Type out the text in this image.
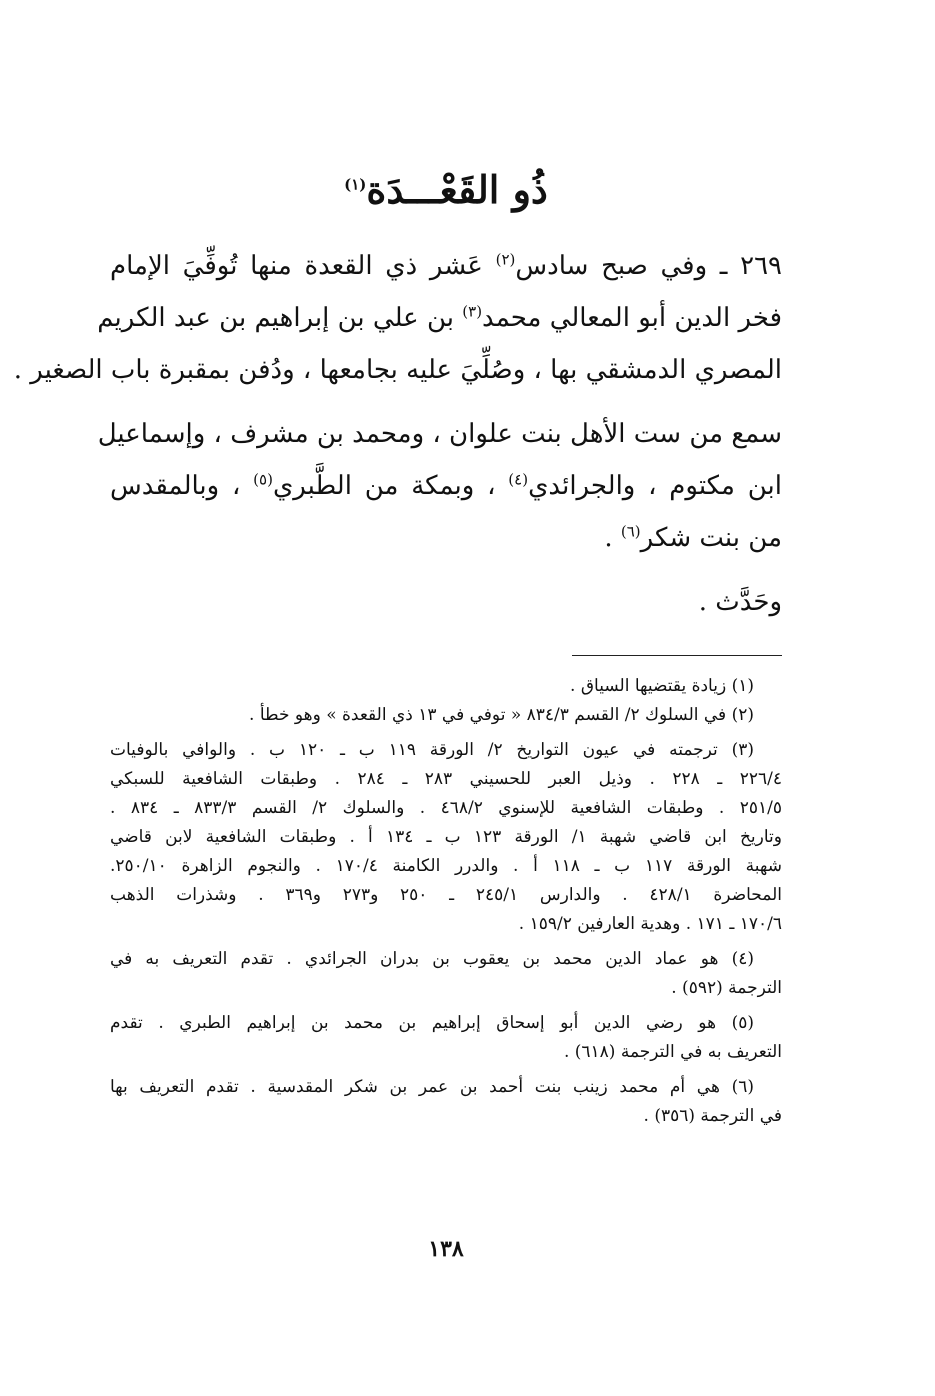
ذُو القَعْـــدَة$^{(١)}$
٢٦٩ ـ وفي صبح سادس$^{(٢)}$ عَشر ذي القعدة منها تُوفِّيَ الإمام
فخر الدين أبو المعالي محمد$^{(٣)}$ بن علي بن إبراهيم بن عبد الكريم
المصري الدمشقي بها ، وصُلِّيَ عليه بجامعها ، ودُفن بمقبرة باب الصغير .
سمع من ست الأهل بنت علوان ، ومحمد بن مشرف ، وإسماعيل
ابن مكتوم ، والجرائدي$^{(٤)}$ ، وبمكة من الطَّبري$^{(٥)}$ ، وبالمقدس
من بنت شكر$^{(٦)}$ .
وحَدَّث .
(١) زيادة يقتضيها السياق .
(٢) في السلوك ٢/ القسم ٨٣٤/٣ « توفي في ١٣ ذي القعدة » وهو خطأ .
(٣) ترجمته في عيون التواريخ ٢/ الورقة ١١٩ ب ـ ١٢٠ ب . والوافي بالوفيات
٢٢٦/٤ ـ ٢٢٨ . وذيل العبر للحسيني ٢٨٣ ـ ٢٨٤ . وطبقات الشافعية للسبكي
٢٥١/٥ . وطبقات الشافعية للإسنوي ٤٦٨/٢ . والسلوك ٢/ القسم ٨٣٣/٣ ـ ٨٣٤ .
وتاريخ ابن قاضي شهبة ١/ الورقة ١٢٣ ب ـ ١٣٤ أ . وطبقات الشافعية لابن قاضي
شهبة الورقة ١١٧ ب ـ ١١٨ أ . والدرر الكامنة ١٧٠/٤ . والنجوم الزاهرة ٢٥٠/١٠.
المحاضرة ٤٢٨/١ . والدارس ٢٤٥/١ ـ ٢٥٠ و٢٧٣ و٣٦٩ . وشذرات الذهب
١٧٠/٦ ـ ١٧١ . وهدية العارفين ١٥٩/٢ .
(٤) هو عماد الدين محمد بن يعقوب بن بدران الجرائدي . تقدم التعريف به في
الترجمة (٥٩٢) .
(٥) هو رضي الدين أبو إسحاق إبراهيم بن محمد بن إبراهيم الطبري . تقدم
التعريف به في الترجمة (٦١٨) .
(٦) هي أم محمد زينب بنت أحمد بن عمر بن شكر المقدسية . تقدم التعريف بها
في الترجمة (٣٥٦) .
١٣٨
